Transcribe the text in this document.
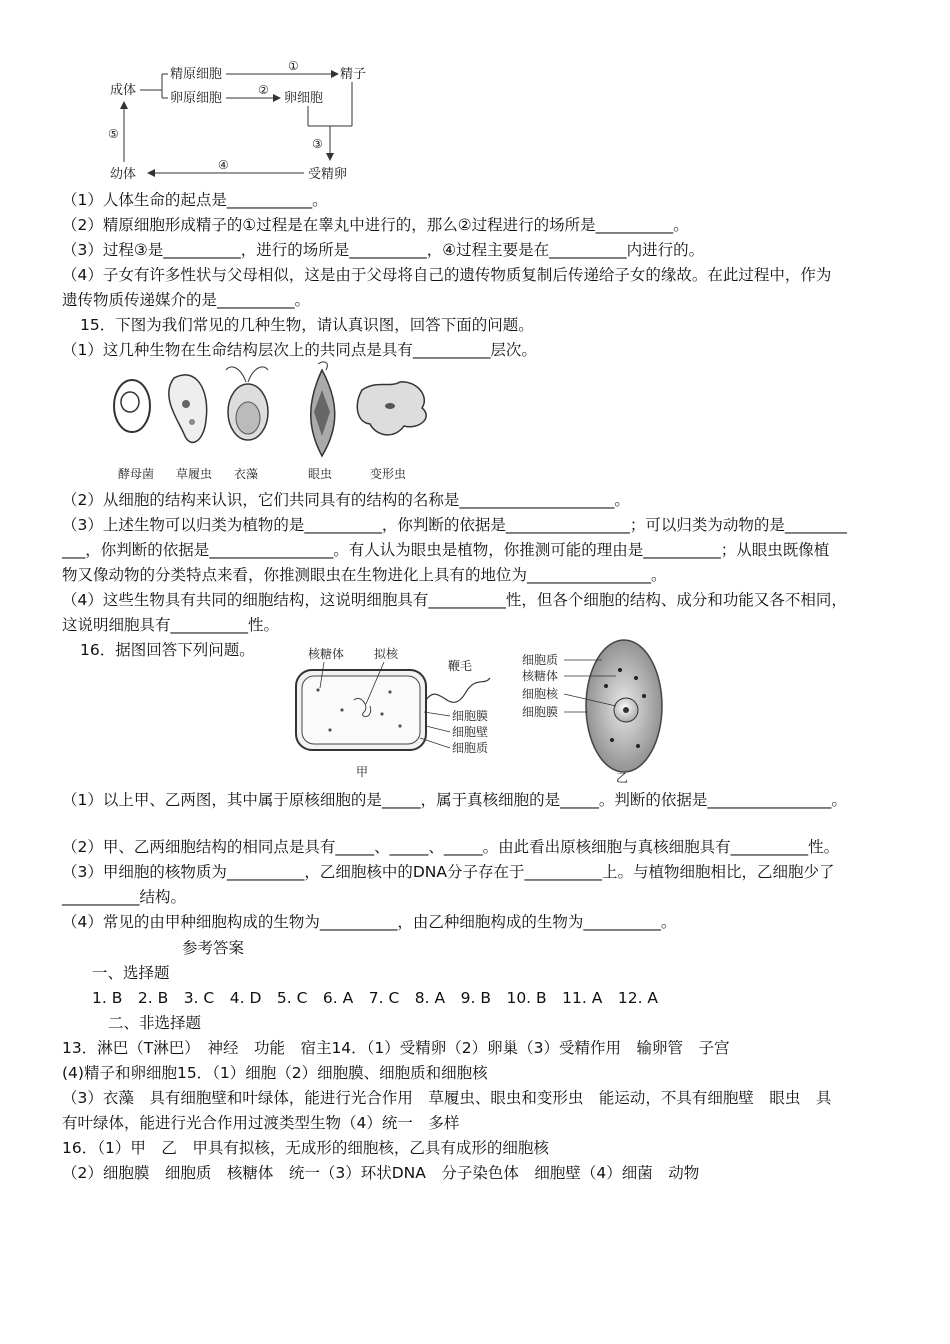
成体
精原细胞
卵原细胞
①
精子
②
卵细胞
③
受精卵
④
幼体
⑤
（1）人体生命的起点是___________。
（2）精原细胞形成精子的①过程是在睾丸中进行的，那么②过程进行的场所是__________。
（3）过程③是__________，进行的场所是__________，④过程主要是在__________内进行的。
（4）子女有许多性状与父母相似，这是由于父母将自己的遗传物质复制后传递给子女的缘故。在此过程中，作为
遗传物质传递媒介的是__________。
15．下图为我们常见的几种生物，请认真识图，回答下面的问题。
（1）这几种生物在生命结构层次上的共同点是具有__________层次。
酵母菌 草履虫 衣藻	眼虫	变形虫
（2）从细胞的结构来认识，它们共同具有的结构的名称是____________________。
（3）上述生物可以归类为植物的是__________，你判断的依据是________________；可以归类为动物的是________
___，你判断的依据是________________。有人认为眼虫是植物，你推测可能的理由是__________；从眼虫既像植
物又像动物的分类特点来看，你推测眼虫在生物进化上具有的地位为________________。
（4）这些生物具有共同的细胞结构，这说明细胞具有__________性，但各个细胞的结构、成分和功能又各不相同，
这说明细胞具有__________性。
16．据图回答下列问题。	核糖体 拟核
鞭毛
细胞膜
细胞壁
细胞质
甲
细胞质
核糖体
细胞核
细胞膜
乙
（1）以上甲、乙两图，其中属于原核细胞的是_____，属于真核细胞的是_____。判断的依据是________________。
（2）甲、乙两细胞结构的相同点是具有_____、_____、_____。由此看出原核细胞与真核细胞具有__________性。
（3）甲细胞的核物质为__________，乙细胞核中的DNA分子存在于__________上。与植物细胞相比，乙细胞少了
__________结构。
（4）常见的由甲种细胞构成的生物为__________，由乙种细胞构成的生物为__________。
参考答案
一、选择题
1. B　2. B　3. C　4. D　5. C　6. A　7. C　8. A　9. B　10. B　11. A　12. A
二、非选择题
13．淋巴（T淋巴）　神经　功能　宿主14．（1）受精卵（2）卵巢（3）受精作用　输卵管　子宫
(4)精子和卵细胞15．（1）细胞（2）细胞膜、细胞质和细胞核
（3）衣藻　具有细胞壁和叶绿体，能进行光合作用　草履虫、眼虫和变形虫　能运动，不具有细胞壁　眼虫　具
有叶绿体，能进行光合作用过渡类型生物（4）统一　多样
16．（1）甲　乙　甲具有拟核，无成形的细胞核，乙具有成形的细胞核
（2）细胞膜　细胞质　核糖体　统一（3）环状DNA　分子染色体　细胞壁（4）细菌　动物
